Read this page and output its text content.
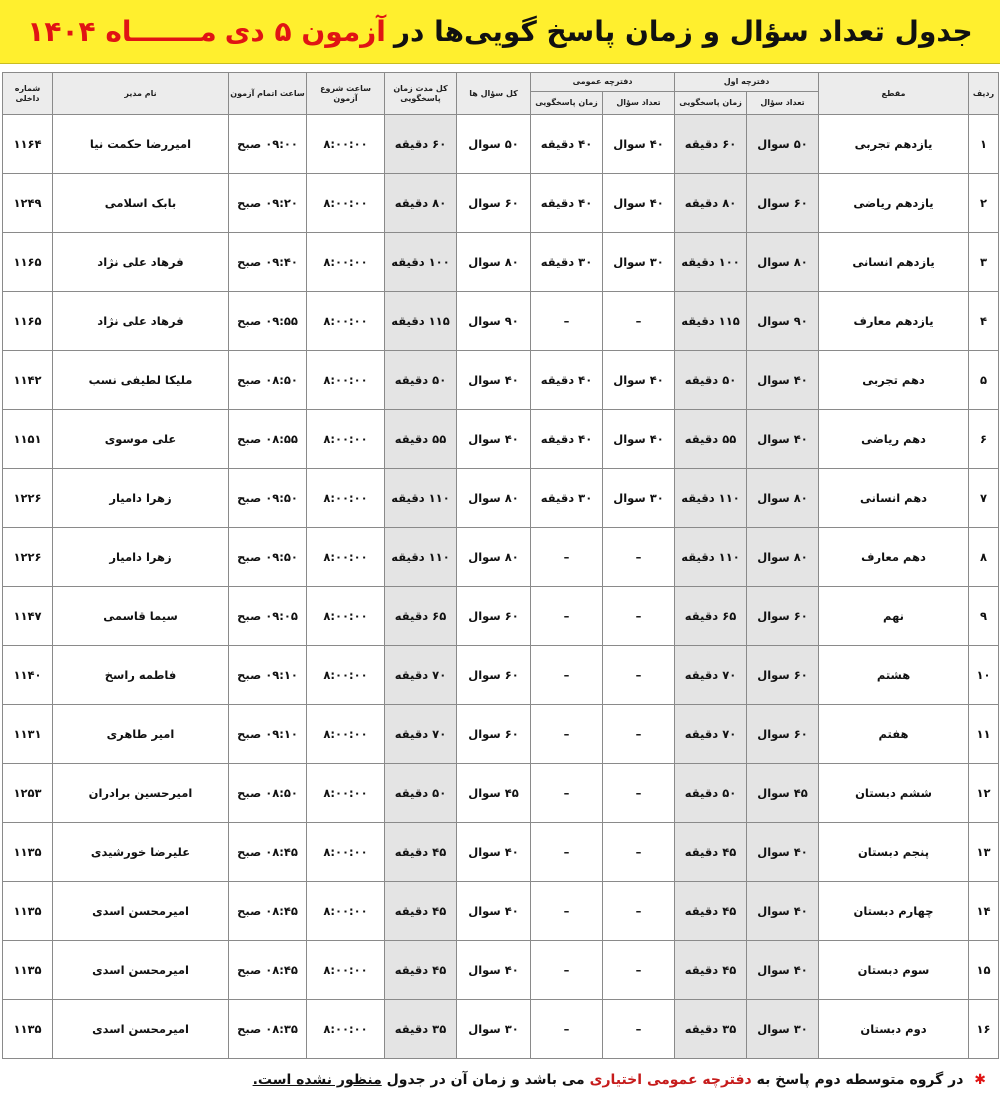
جدول تعداد سؤال و زمان پاسخ گویی‌ها در
آزمون ۵ دی
مـــــــاه ۱۴۰۴
ردیف	مقطع	دفترچه اول		دفترچه عمومی		کل سؤال ها	کل مدت زمان پاسخگویی	ساعت شروع آزمون	ساعت اتمام آزمون	نام مدیر	شماره داخلی
		تعداد سؤال	زمان پاسخگویی	تعداد سؤال	زمان پاسخگویی						
۱	یازدهم تجربی	۵۰ سوال	۶۰ دقیقه	۴۰ سوال	۴۰ دقیقه	۵۰ سوال	۶۰ دقیقه	۸:۰۰:۰۰	۰۹:۰۰ صبح	امیررضا حکمت نیا	۱۱۶۴
۲	یازدهم ریاضی	۶۰ سوال	۸۰ دقیقه	۴۰ سوال	۴۰ دقیقه	۶۰ سوال	۸۰ دقیقه	۸:۰۰:۰۰	۰۹:۲۰ صبح	بابک اسلامی	۱۲۴۹
۳	یازدهم انسانی	۸۰ سوال	۱۰۰ دقیقه	۳۰ سوال	۳۰ دقیقه	۸۰ سوال	۱۰۰ دقیقه	۸:۰۰:۰۰	۰۹:۴۰ صبح	فرهاد علی نژاد	۱۱۶۵
۴	یازدهم معارف	۹۰ سوال	۱۱۵ دقیقه	–	–	۹۰ سوال	۱۱۵ دقیقه	۸:۰۰:۰۰	۰۹:۵۵ صبح	فرهاد علی نژاد	۱۱۶۵
۵	دهم تجربی	۴۰ سوال	۵۰ دقیقه	۴۰ سوال	۴۰ دقیقه	۴۰ سوال	۵۰ دقیقه	۸:۰۰:۰۰	۰۸:۵۰ صبح	ملیکا لطیفی نسب	۱۱۴۲
۶	دهم ریاضی	۴۰ سوال	۵۵ دقیقه	۴۰ سوال	۴۰ دقیقه	۴۰ سوال	۵۵ دقیقه	۸:۰۰:۰۰	۰۸:۵۵ صبح	علی موسوی	۱۱۵۱
۷	دهم انسانی	۸۰ سوال	۱۱۰ دقیقه	۳۰ سوال	۳۰ دقیقه	۸۰ سوال	۱۱۰ دقیقه	۸:۰۰:۰۰	۰۹:۵۰ صبح	زهرا دامیار	۱۲۲۶
۸	دهم معارف	۸۰ سوال	۱۱۰ دقیقه	–	–	۸۰ سوال	۱۱۰ دقیقه	۸:۰۰:۰۰	۰۹:۵۰ صبح	زهرا دامیار	۱۲۲۶
۹	نهم	۶۰ سوال	۶۵ دقیقه	–	–	۶۰ سوال	۶۵ دقیقه	۸:۰۰:۰۰	۰۹:۰۵ صبح	سیما قاسمی	۱۱۴۷
۱۰	هشتم	۶۰ سوال	۷۰ دقیقه	–	–	۶۰ سوال	۷۰ دقیقه	۸:۰۰:۰۰	۰۹:۱۰ صبح	فاطمه راسخ	۱۱۴۰
۱۱	هفتم	۶۰ سوال	۷۰ دقیقه	–	–	۶۰ سوال	۷۰ دقیقه	۸:۰۰:۰۰	۰۹:۱۰ صبح	امیر طاهری	۱۱۳۱
۱۲	ششم دبستان	۴۵ سوال	۵۰ دقیقه	–	–	۴۵ سوال	۵۰ دقیقه	۸:۰۰:۰۰	۰۸:۵۰ صبح	امیرحسین برادران	۱۲۵۳
۱۳	پنجم دبستان	۴۰ سوال	۴۵ دقیقه	–	–	۴۰ سوال	۴۵ دقیقه	۸:۰۰:۰۰	۰۸:۴۵ صبح	علیرضا خورشیدی	۱۱۳۵
۱۴	چهارم دبستان	۴۰ سوال	۴۵ دقیقه	–	–	۴۰ سوال	۴۵ دقیقه	۸:۰۰:۰۰	۰۸:۴۵ صبح	امیرمحسن اسدی	۱۱۳۵
۱۵	سوم دبستان	۴۰ سوال	۴۵ دقیقه	–	–	۴۰ سوال	۴۵ دقیقه	۸:۰۰:۰۰	۰۸:۴۵ صبح	امیرمحسن اسدی	۱۱۳۵
۱۶	دوم دبستان	۳۰ سوال	۳۵ دقیقه	–	–	۳۰ سوال	۳۵ دقیقه	۸:۰۰:۰۰	۰۸:۳۵ صبح	امیرمحسن اسدی	۱۱۳۵
✱ در گروه متوسطه دوم پاسخ به دفترچه عمومی اختیاری می باشد و زمان آن در جدول منظور نشده است.
